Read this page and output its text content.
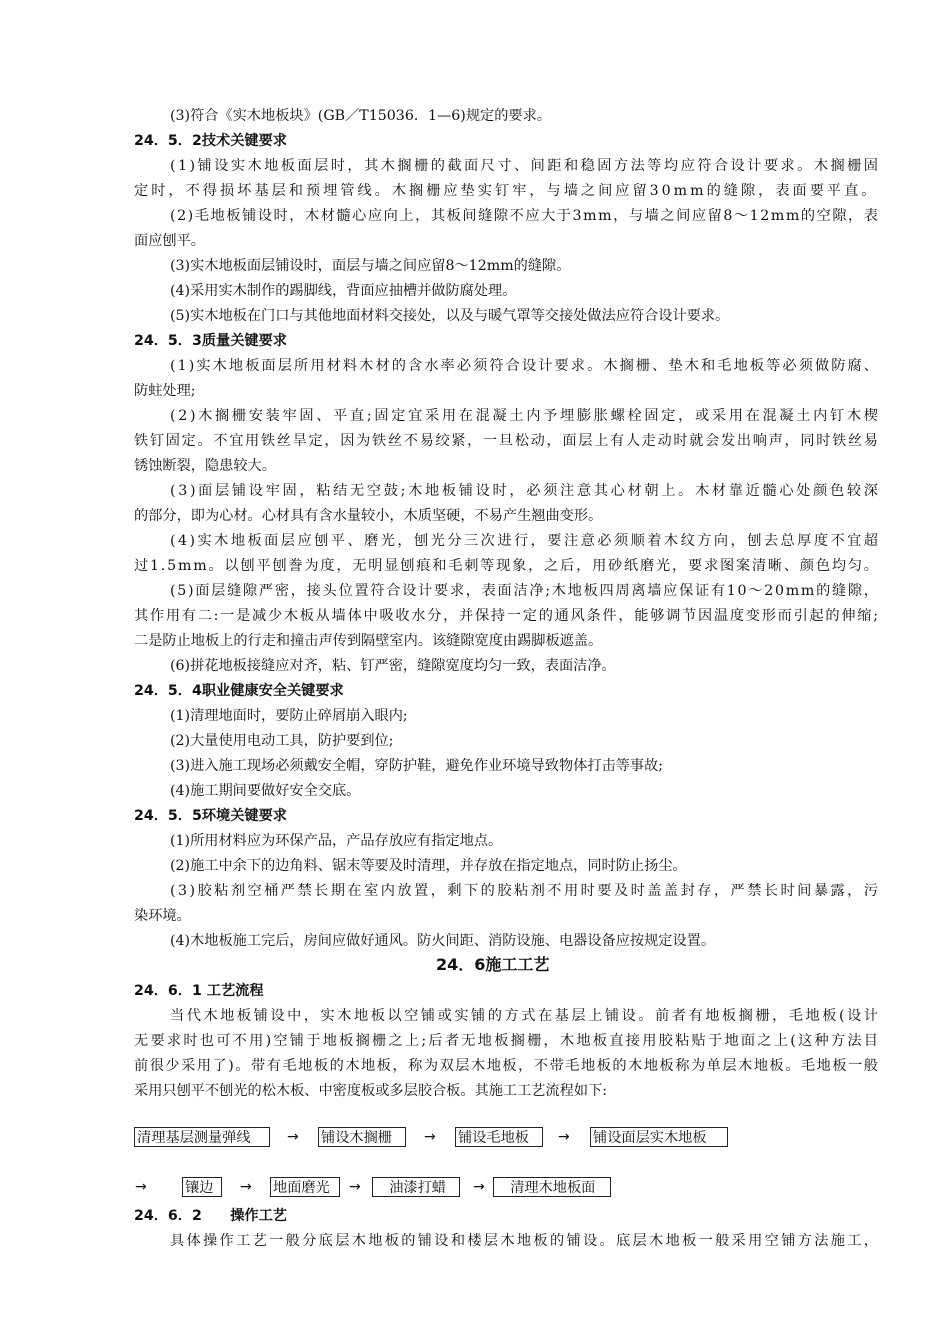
(3)符合《实木地板块》(GB／T15036．1—6)规定的要求。
24．5．2技术关键要求
(1)铺设实木地板面层时，其木搁栅的截面尺寸、间距和稳固方法等均应符合设计要求。木搁栅固
定时，不得损坏基层和预埋管线。木搁栅应垫实钉牢，与墙之间应留30mm的缝隙，表面要平直。
(2)毛地板铺设时，木材髓心应向上，其板间缝隙不应大于3mm，与墙之间应留8～12mm的空隙，表
面应刨平。
(3)实木地板面层铺设时，面层与墙之间应留8～12mm的缝隙。
(4)采用实木制作的踢脚线，背面应抽槽并做防腐处理。
(5)实木地板在门口与其他地面材料交接处，以及与暖气罩等交接处做法应符合设计要求。
24．5．3质量关键要求
(1)实木地板面层所用材料木材的含水率必须符合设计要求。木搁栅、垫木和毛地板等必须做防腐、
防蛀处理;
(2)木搁栅安装牢固、平直;固定宜采用在混凝土内予埋膨胀螺栓固定，或采用在混凝土内钉木楔
铁钉固定。不宜用铁丝旱定，因为铁丝不易绞紧，一旦松动，面层上有人走动时就会发出响声，同时铁丝易
锈蚀断裂，隐患较大。
(3)面层铺设牢固，粘结无空鼓;木地板铺设时，必须注意其心材朝上。木材靠近髓心处颜色较深
的部分，即为心材。心材具有含水量较小，木质坚硬，不易产生翘曲变形。
(4)实木地板面层应刨平、磨光，刨光分三次进行，要注意必须顺着木纹方向，刨去总厚度不宜超
过1.5mm。以刨平刨誊为度，无明显刨痕和毛刺等现象，之后，用砂纸磨光，要求图案清晰、颜色均匀。
(5)面层缝隙严密，接头位置符合设计要求，表面洁净;木地板四周离墙应保证有10～20mm的缝隙，
其作用有二:一是减少木板从墙体中吸收水分，并保持一定的通风条件，能够调节因温度变形而引起的伸缩;
二是防止地板上的行走和撞击声传到隔壁室内。该缝隙宽度由踢脚板遮盖。
(6)拼花地板接缝应对齐，粘、钉严密，缝隙宽度均匀一致，表面洁净。
24．5．4职业健康安全关键要求
(1)清理地面时，要防止碎屑崩入眼内;
(2)大量使用电动工具，防护要到位;
(3)进入施工现场必须戴安全帽，穿防护鞋，避免作业环境导致物体打击等事故;
(4)施工期间要做好安全交底。
24．5．5环境关键要求
(1)所用材料应为环保产品，产品存放应有指定地点。
(2)施工中余下的边角料、锯末等要及时清理，并存放在指定地点，同时防止扬尘。
(3)胶粘剂空桶严禁长期在室内放置，剩下的胶粘剂不用时要及时盖盖封存，严禁长时间暴露，污
染环境。
(4)木地板施工完后，房间应做好通风。防火间距、消防设施、电器设备应按规定设置。
24．6施工工艺
24．6．1 工艺流程
当代木地板铺设中，实木地板以空铺或实铺的方式在基层上铺设。前者有地板搁栅，毛地板(设计
无要求时也可不用)空铺于地板搁栅之上;后者无地板搁栅，木地板直接用胶粘贴于地面之上(这种方法目
前很少采用了)。带有毛地板的木地板，称为双层木地板，不带毛地板的木地板称为单层木地板。毛地板一般
采用只刨平不刨光的松木板、中密度板或多层胶合板。其施工工艺流程如下:
24．6．2　　操作工艺
具体操作工艺一般分底层木地板的铺设和楼层木地板的铺设。底层木地板一般采用空铺方法施工，
清理基层测量弹线	→ 铺设木搁栅	→ 铺设毛地板	→ 铺设面层实木地板
→	镶边	→ 地面磨光	→ 　油漆打蜡	→ 　清理木地板面
